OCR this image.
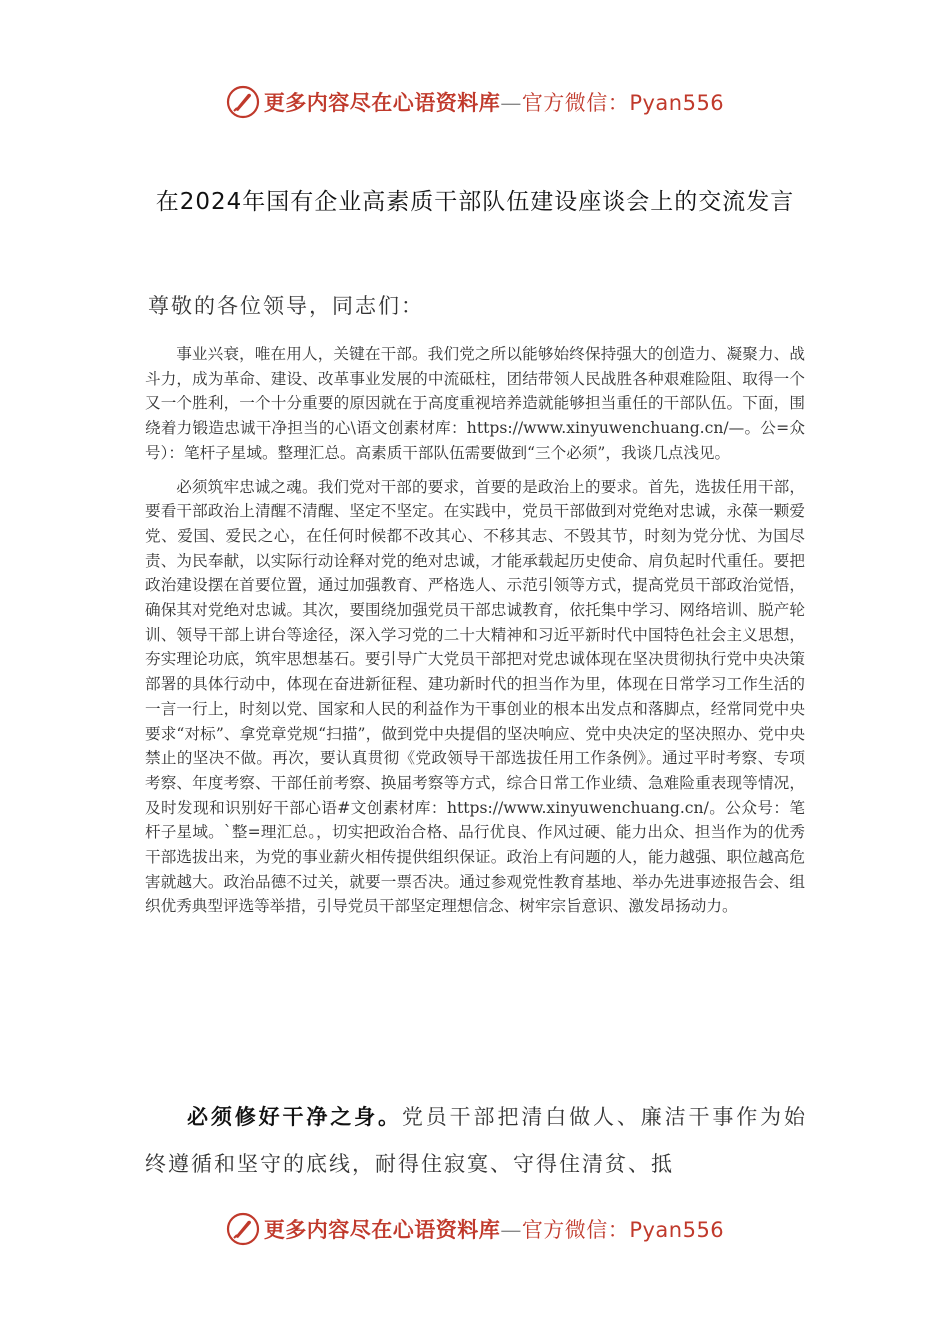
更多内容尽在心语资料库—官方微信：Pyan556
在2024年国有企业高素质干部队伍建设座谈会上的交流发言
尊敬的各位领导，同志们：

事业兴衰，唯在用人，关键在干部。我们党之所以能够始终保持强大的创造力、凝聚力、战斗力，成为革命、建设、改革事业发展的中流砥柱，团结带领人民战胜各种艰难险阻、取得一个又一个胜利，一个十分重要的原因就在于高度重视培养造就能够担当重任的干部队伍。下面，围绕着力锻造忠诚干净担当的心\语文创素材库：https://www.xinyuwenchuang.cn/—。公=众号）：笔杆子星域。整理汇总。高素质干部队伍需要做到“三个必须”，我谈几点浅见。

必须筑牢忠诚之魂。我们党对干部的要求，首要的是政治上的要求。首先，选拔任用干部，要看干部政治上清醒不清醒、坚定不坚定。在实践中，党员干部做到对党绝对忠诚，永葆一颗爱党、爱国、爱民之心，在任何时候都不改其心、不移其志、不毁其节，时刻为党分忧、为国尽责、为民奉献，以实际行动诠释对党的绝对忠诚，才能承载起历史使命、肩负起时代重任。要把政治建设摆在首要位置，通过加强教育、严格选人、示范引领等方式，提高党员干部政治觉悟，确保其对党绝对忠诚。其次，要围绕加强党员干部忠诚教育，依托集中学习、网络培训、脱产轮训、领导干部上讲台等途径，深入学习党的二十大精神和习近平新时代中国特色社会主义思想，夯实理论功底，筑牢思想基石。要引导广大党员干部把对党忠诚体现在坚决贯彻执行党中央决策部署的具体行动中，体现在奋进新征程、建功新时代的担当作为里，体现在日常学习工作生活的一言一行上，时刻以党、国家和人民的利益作为干事创业的根本出发点和落脚点，经常同党中央要求“对标”、拿党章党规“扫描”，做到党中央提倡的坚决响应、党中央决定的坚决照办、党中央禁止的坚决不做。再次，要认真贯彻《党政领导干部选拔任用工作条例》。通过平时考察、专项考察、年度考察、干部任前考察、换届考察等方式，综合日常工作业绩、急难险重表现等情况，及时发现和识别好干部心语#文创素材库：https://www.xinyuwenchuang.cn/。公众号：笔杆子星域。`整=理汇总。，切实把政治合格、品行优良、作风过硬、能力出众、担当作为的优秀干部选拔出来，为党的事业薪火相传提供组织保证。政治上有问题的人，能力越强、职位越高危害就越大。政治品德不过关，就要一票否决。通过参观党性教育基地、举办先进事迹报告会、组织优秀典型评选等举措，引导党员干部坚定理想信念、树牢宗旨意识、激发昂扬动力。

必须修好干净之身。党员干部把清白做人、廉洁干事作为始终遵循和坚守的底线，耐得住寂寞、守得住清贫、抵

更多内容尽在心语资料库—官方微信：Pyan556
